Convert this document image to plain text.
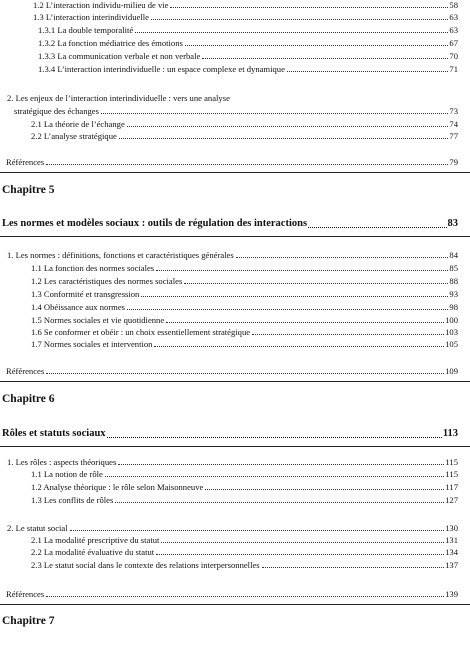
1.2 L’interaction individu-milieu de vie	58
1.3 L’interaction interindividuelle	63
1.3.1 La double temporalité	63
1.3.2 La fonction médiatrice des émotions	67
1.3.3 La communication verbale et non verbale	70
1.3.4 L’interaction interindividuelle : un espace complexe et dynamique	71
2. Les enjeux de l’interaction interindividuelle : vers une analyse
stratégique des échanges	73
2.1 La théorie de l’échange	74
2.2 L’analyse stratégique	77
Références	79
Chapitre 5
Les normes et modèles sociaux : outils de régulation des interactions	83
1. Les normes : définitions, fonctions et caractéristiques générales	84
1.1 La fonction des normes sociales	85
1.2 Les caractéristiques des normes sociales	88
1.3 Conformité et transgression	93
1.4 Obéissance aux normes	98
1.5 Normes sociales et vie quotidienne	100
1.6 Se conformer et obéir : un choix essentiellement stratégique	103
1.7 Normes sociales et intervention	105
Références	109
Chapitre 6
Rôles et statuts sociaux	113
1. Les rôles : aspects théoriques	115
1.1 La notion de rôle	115
1.2 Analyse théorique : le rôle selon Maisonneuve	117
1.3 Les conflits de rôles	127
2. Le statut social	130
2.1 La modalité prescriptive du statut	131
2.2 La modalité évaluative du statut	134
2.3 Le statut social dans le contexte des relations interpersonnelles	137
Références	139
Chapitre 7
